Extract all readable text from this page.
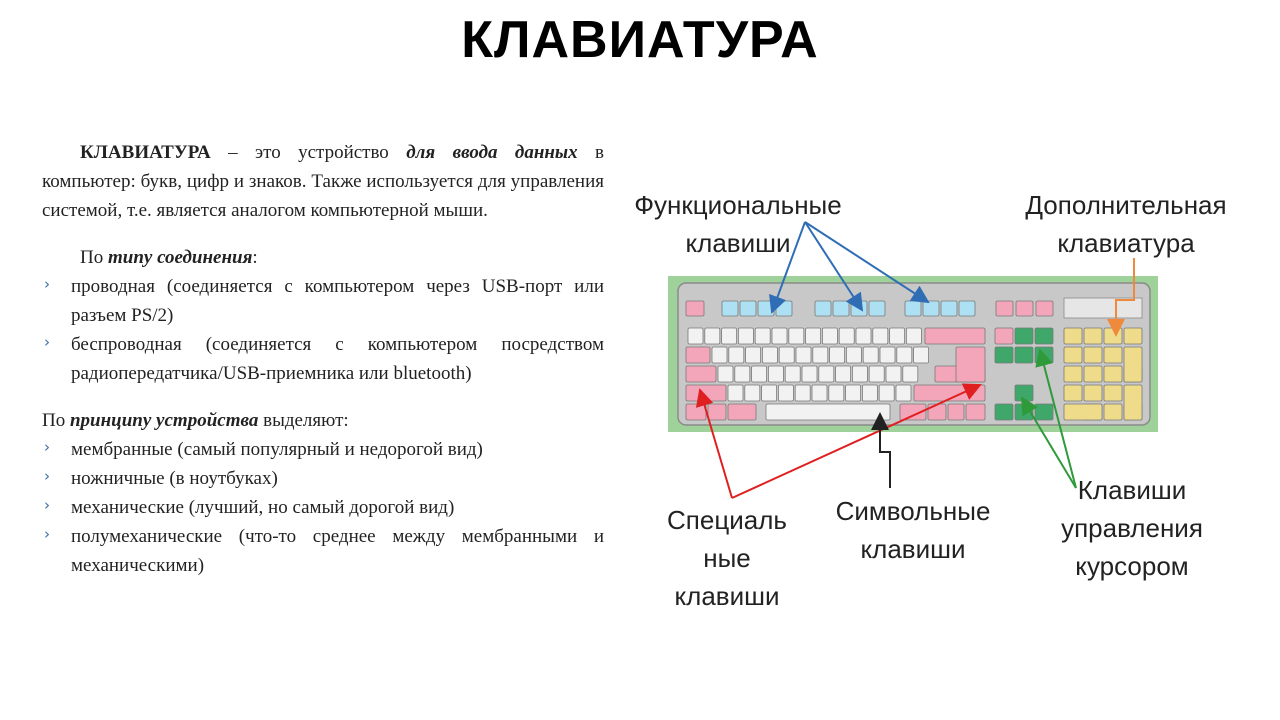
КЛАВИАТУРА

КЛАВИАТУРА – это устройство для ввода данных в компьютер: букв, цифр и знаков. Также используется для управления системой, т.е. является аналогом компьютерной мыши.

По типу соединения:

› проводная (соединяется с компьютером через USB-порт или разъем PS/2)
› беспроводная (соединяется с компьютером посредством радиопередатчика/USB-приемника или bluetooth)

По принципу устройства выделяют:

› мембранные (самый популярный и недорогой вид)
› ножничные (в ноутбуках)
› механические (лучший, но самый дорогой вид)
› полумеханические (что-то среднее между мембранными и механическими)
Функциональные
клавиши
Дополнительная
клавиатура
Специаль
ные
клавиши
Символьные
клавиши
Клавиши
управления
курсором
